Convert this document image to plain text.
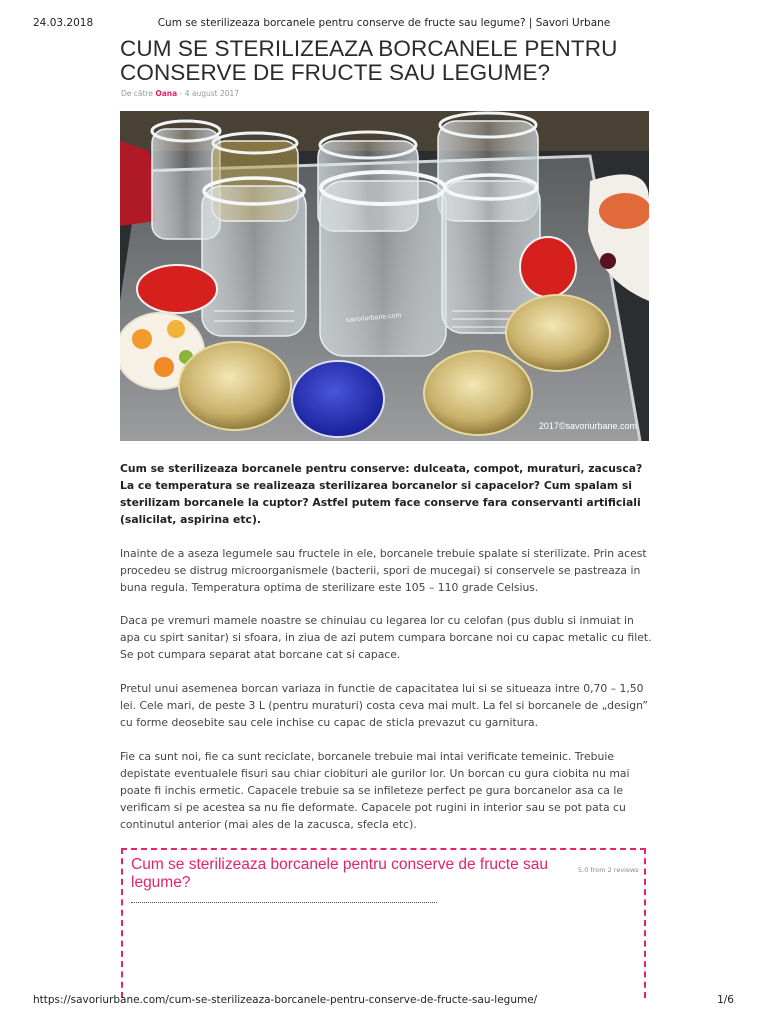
24.03.2018	Cum se sterilizeaza borcanele pentru conserve de fructe sau legume? | Savori Urbane
CUM SE STERILIZEAZA BORCANELE PENTRU CONSERVE DE FRUCTE SAU LEGUME?
De către Oana - 4 august 2017
savoriurbane.com
2017©savoriurbane.com

Cum se sterilizeaza borcanele pentru conserve: dulceata, compot, muraturi, zacusca? La ce temperatura se realizeaza sterilizarea borcanelor si capacelor? Cum spalam si sterilizam borcanele la cuptor? Astfel putem face conserve fara conservanti artificiali (salicilat, aspirina etc).

Inainte de a aseza legumele sau fructele in ele, borcanele trebuie spalate si sterilizate. Prin acest procedeu se distrug microorganismele (bacterii, spori de mucegai) si conservele se pastreaza in buna regula. Temperatura optima de sterilizare este 105 – 110 grade Celsius.

Daca pe vremuri mamele noastre se chinuiau cu legarea lor cu celofan (pus dublu si inmuiat in apa cu spirt sanitar) si sfoara, in ziua de azi putem cumpara borcane noi cu capac metalic cu filet. Se pot cumpara separat atat borcane cat si capace.

Pretul unui asemenea borcan variaza in functie de capacitatea lui si se situeaza intre 0,70 – 1,50 lei. Cele mari, de peste 3 L (pentru muraturi) costa ceva mai mult. La fel si borcanele de „design” cu forme deosebite sau cele inchise cu capac de sticla prevazut cu garnitura.

Fie ca sunt noi, fie ca sunt reciclate, borcanele trebuie mai intai verificate temeinic. Trebuie depistate eventualele fisuri sau chiar ciobituri ale gurilor lor. Un borcan cu gura ciobita nu mai poate fi inchis ermetic. Capacele trebuie sa se infileteze perfect pe gura borcanelor asa ca le verificam si pe acestea sa nu fie deformate. Capacele pot rugini in interior sau se pot pata cu continutul anterior (mai ales de la zacusca, sfecla etc).

Cum se sterilizeaza borcanele pentru conserve de fructe sau legume?
5.0 from 2 reviews
https://savoriurbane.com/cum-se-sterilizeaza-borcanele-pentru-conserve-de-fructe-sau-legume/	1/6
